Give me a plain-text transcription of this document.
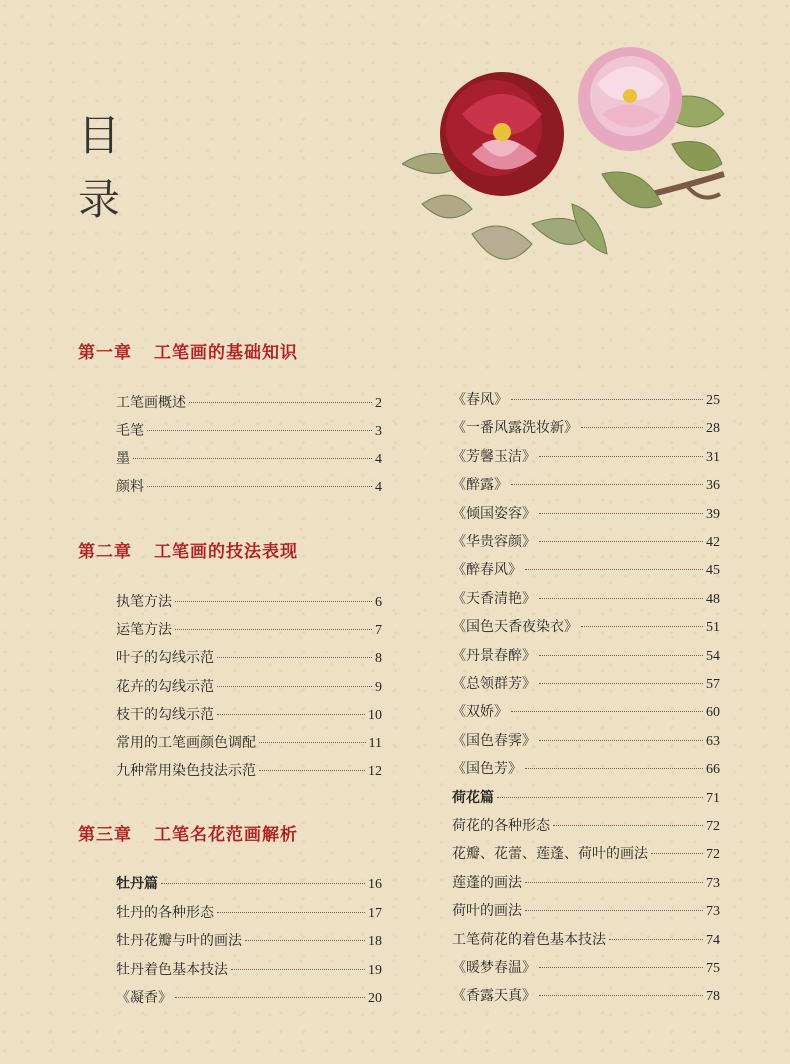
目
录
第一章 工笔画的基础知识
第二章 工笔画的技法表现
第三章 工笔名花范画解析
工笔画概述	2
毛笔	3
墨	4
颜料	4
执笔方法	6
运笔方法	7
叶子的勾线示范	8
花卉的勾线示范	9
枝干的勾线示范	10
常用的工笔画颜色调配	11
九种常用染色技法示范	12
牡丹篇	16
牡丹的各种形态	17
牡丹花瓣与叶的画法	18
牡丹着色基本技法	19
《凝香》	20
《春风》	25
《一番风露洗妆新》	28
《芳馨玉洁》	31
《醉露》	36
《倾国姿容》	39
《华贵容颜》	42
《醉春风》	45
《天香清艳》	48
《国色天香夜染衣》	51
《丹景春醉》	54
《总领群芳》	57
《双娇》	60
《国色春霁》	63
《国色芳》	66
荷花篇	71
荷花的各种形态	72
花瓣、花蕾、莲蓬、荷叶的画法	72
莲蓬的画法	73
荷叶的画法	73
工笔荷花的着色基本技法	74
《暖梦春温》	75
《香露天真》	78
